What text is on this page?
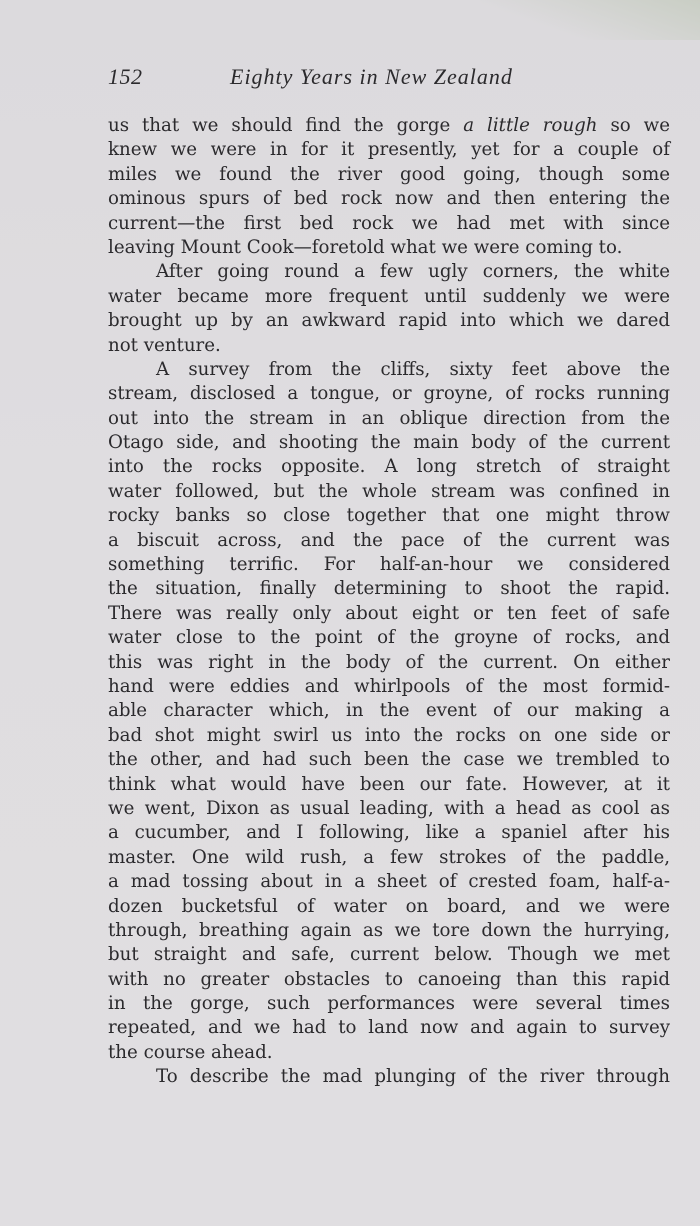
152	Eighty Years in New Zealand
us that we should find the gorge a little rough so we
knew we were in for it presently, yet for a couple of
miles we found the river good going, though some
ominous spurs of bed rock now and then entering the
current—the first bed rock we had met with since
leaving Mount Cook—foretold what we were coming to.
After going round a few ugly corners, the white
water became more frequent until suddenly we were
brought up by an awkward rapid into which we dared
not venture.
A survey from the cliffs, sixty feet above the
stream, disclosed a tongue, or groyne, of rocks running
out into the stream in an oblique direction from the
Otago side, and shooting the main body of the current
into the rocks opposite. A long stretch of straight
water followed, but the whole stream was confined in
rocky banks so close together that one might throw
a biscuit across, and the pace of the current was
something terrific. For half-an-hour we considered
the situation, finally determining to shoot the rapid.
There was really only about eight or ten feet of safe
water close to the point of the groyne of rocks, and
this was right in the body of the current. On either
hand were eddies and whirlpools of the most formid-
able character which, in the event of our making a
bad shot might swirl us into the rocks on one side or
the other, and had such been the case we trembled to
think what would have been our fate. However, at it
we went, Dixon as usual leading, with a head as cool as
a cucumber, and I following, like a spaniel after his
master. One wild rush, a few strokes of the paddle,
a mad tossing about in a sheet of crested foam, half-a-
dozen bucketsful of water on board, and we were
through, breathing again as we tore down the hurrying,
but straight and safe, current below. Though we met
with no greater obstacles to canoeing than this rapid
in the gorge, such performances were several times
repeated, and we had to land now and again to survey
the course ahead.
To describe the mad plunging of the river through
